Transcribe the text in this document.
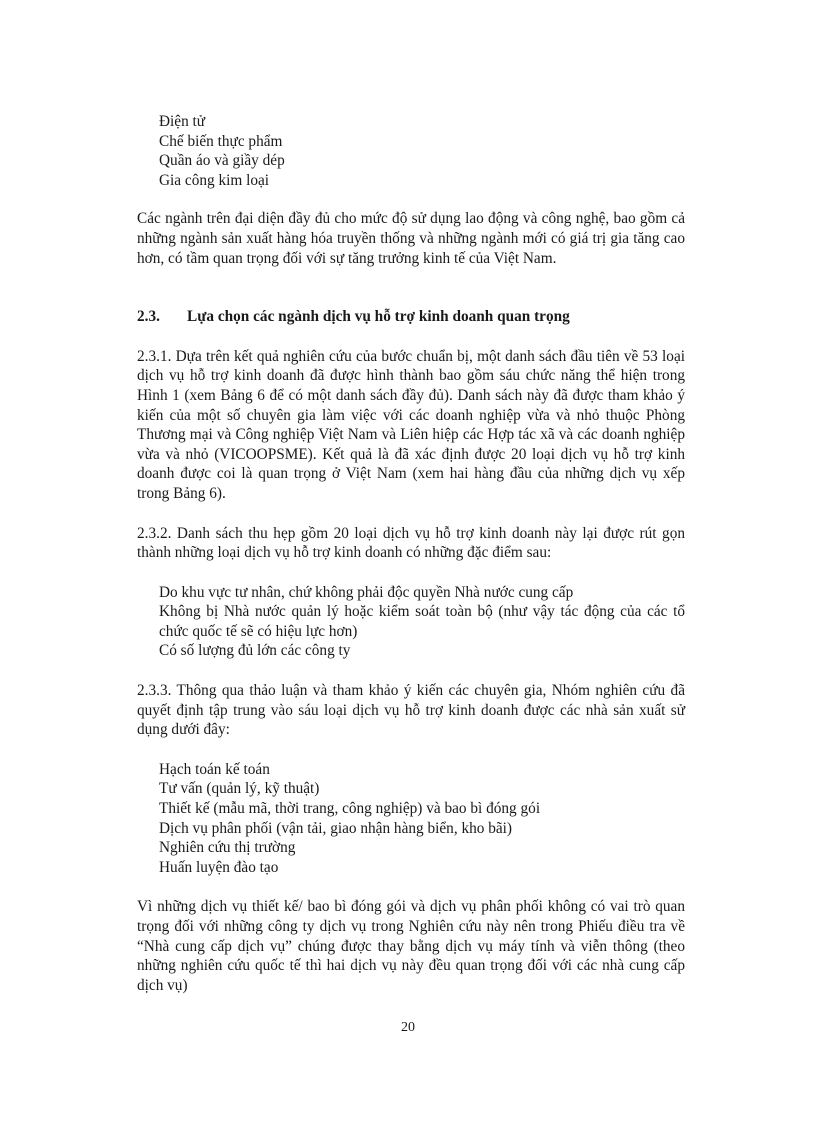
Điện tử
Chế biến thực phẩm
Quần áo và giầy dép
Gia công kim loại

Các ngành trên đại diện đầy đủ cho mức độ sử dụng lao động và công nghệ, bao gồm cả những ngành sản xuất hàng hóa truyền thống và những ngành mới có giá trị gia tăng cao hơn, có tầm quan trọng đối với sự tăng trưởng kinh tế của Việt Nam.

2.3.	Lựa chọn các ngành dịch vụ hỗ trợ kinh doanh quan trọng

2.3.1. Dựa trên kết quả nghiên cứu của bước chuẩn bị, một danh sách đầu tiên về 53 loại dịch vụ hỗ trợ kinh doanh đã được hình thành bao gồm sáu chức năng thể hiện trong Hình 1 (xem Bảng 6 để có một danh sách đầy đủ). Danh sách này đã được tham khảo ý kiến của một số chuyên gia làm việc với các doanh nghiệp vừa và nhỏ thuộc Phòng Thương mại và Công nghiệp Việt Nam và Liên hiệp các Hợp tác xã và các doanh nghiệp vừa và nhỏ (VICOOPSME). Kết quả là đã xác định được 20 loại dịch vụ hỗ trợ kinh doanh được coi là quan trọng ở Việt Nam (xem hai hàng đầu của những dịch vụ xếp trong Bảng 6).

2.3.2. Danh sách thu hẹp gồm 20 loại dịch vụ hỗ trợ kinh doanh này lại được rút gọn thành những loại dịch vụ hỗ trợ kinh doanh có những đặc điểm sau:

Do khu vực tư nhân, chứ không phải độc quyền Nhà nước cung cấp
Không bị Nhà nước quản lý hoặc kiểm soát toàn bộ (như vậy tác động của các tổ chức quốc tế sẽ có hiệu lực hơn)
Có số lượng đủ lớn các công ty

2.3.3. Thông qua thảo luận và tham khảo ý kiến các chuyên gia, Nhóm nghiên cứu đã quyết định tập trung vào sáu loại dịch vụ hỗ trợ kinh doanh được các nhà sản xuất sử dụng dưới đây:

Hạch toán kế toán
Tư vấn (quản lý, kỹ thuật)
Thiết kế (mẫu mã, thời trang, công nghiệp) và bao bì đóng gói
Dịch vụ phân phối (vận tải, giao nhận hàng biển, kho bãi)
Nghiên cứu thị trường
Huấn luyện đào tạo

Vì những dịch vụ thiết kế/ bao bì đóng gói và dịch vụ phân phối không có vai trò quan trọng đối với những công ty dịch vụ trong Nghiên cứu này nên trong Phiếu điều tra về “Nhà cung cấp dịch vụ” chúng được thay bằng dịch vụ máy tính và viễn thông (theo những nghiên cứu quốc tế thì hai dịch vụ này đều quan trọng đối với các nhà cung cấp dịch vụ)

20
